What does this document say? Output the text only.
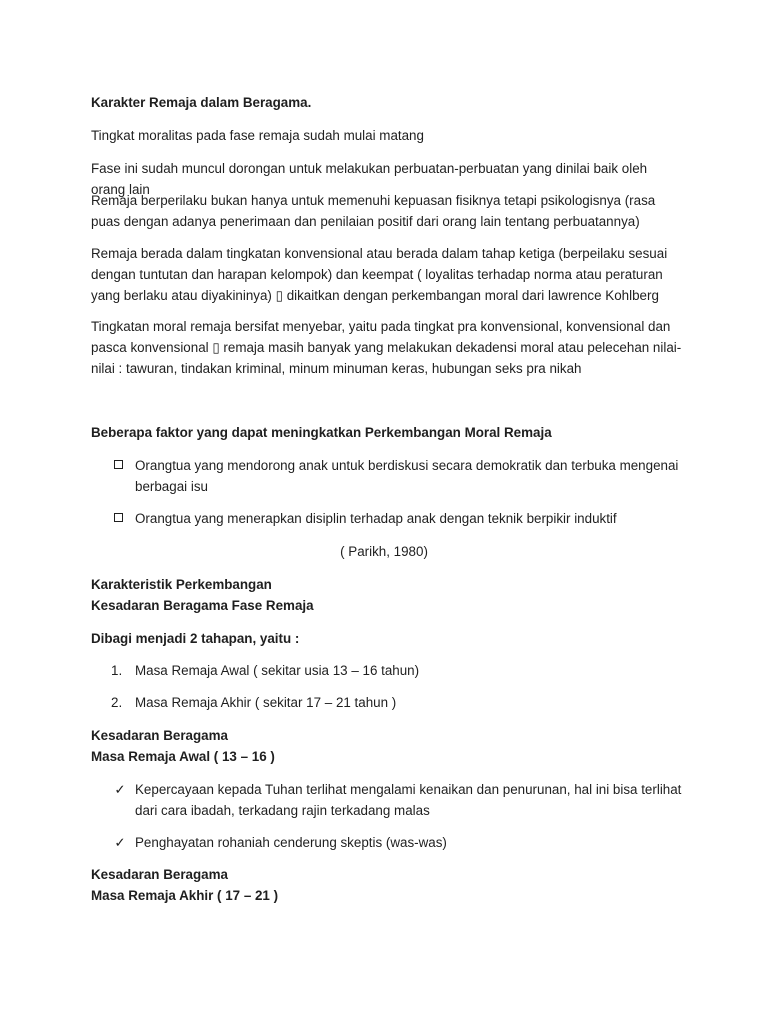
Karakter Remaja dalam Beragama.
Tingkat moralitas pada fase remaja sudah mulai matang
Fase ini sudah muncul dorongan untuk melakukan perbuatan-perbuatan yang dinilai baik oleh orang lain
Remaja berperilaku bukan hanya untuk memenuhi kepuasan fisiknya tetapi psikologisnya (rasa puas dengan adanya penerimaan dan penilaian positif dari orang lain tentang perbuatannya)
Remaja berada dalam tingkatan konvensional atau berada dalam tahap ketiga (berpeilaku sesuai dengan tuntutan dan harapan kelompok) dan keempat ( loyalitas terhadap norma atau peraturan yang berlaku atau diyakininya) ▯ dikaitkan dengan perkembangan moral dari lawrence Kohlberg
Tingkatan moral remaja bersifat menyebar, yaitu pada tingkat pra konvensional, konvensional dan pasca konvensional ▯ remaja masih banyak yang melakukan dekadensi moral atau pelecehan nilai-nilai : tawuran, tindakan kriminal, minum minuman keras, hubungan seks pra nikah
Beberapa faktor yang dapat meningkatkan Perkembangan Moral Remaja
Orangtua yang mendorong anak untuk berdiskusi secara demokratik dan terbuka mengenai berbagai isu
Orangtua yang menerapkan disiplin terhadap anak dengan teknik berpikir induktif
( Parikh, 1980)
Karakteristik Perkembangan
Kesadaran Beragama Fase Remaja
Dibagi menjadi 2 tahapan, yaitu :
1. Masa Remaja Awal ( sekitar usia 13 – 16 tahun)
2. Masa Remaja Akhir ( sekitar 17 – 21 tahun )
Kesadaran Beragama
Masa Remaja Awal ( 13 – 16 )
✓ Kepercayaan kepada Tuhan terlihat mengalami kenaikan dan penurunan, hal ini bisa terlihat dari cara ibadah, terkadang rajin terkadang malas
✓ Penghayatan rohaniah cenderung skeptis (was-was)
Kesadaran Beragama
Masa Remaja Akhir ( 17 – 21 )
